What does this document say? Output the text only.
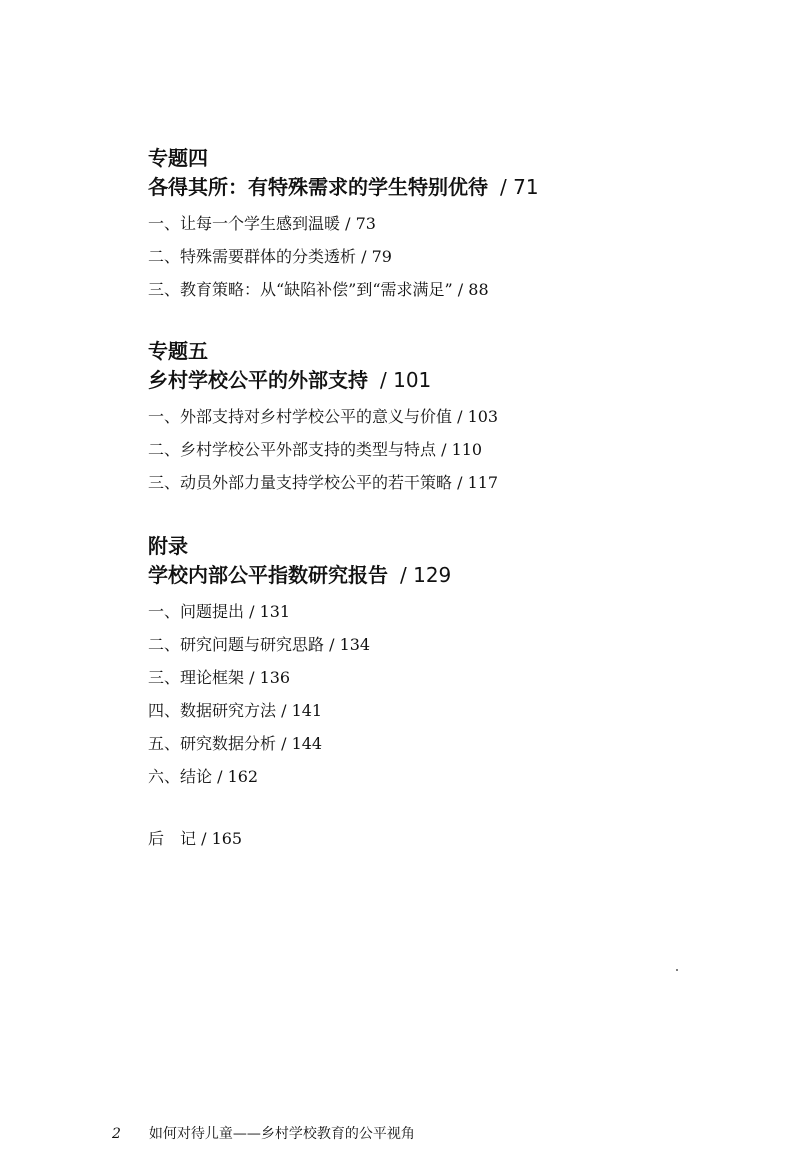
专题四
各得其所：有特殊需求的学生特别优待 / 71
一、让每一个学生感到温暖 / 73
二、特殊需要群体的分类透析 / 79
三、教育策略：从“缺陷补偿”到“需求满足” / 88
专题五
乡村学校公平的外部支持 / 101
一、外部支持对乡村学校公平的意义与价值 / 103
二、乡村学校公平外部支持的类型与特点 / 110
三、动员外部力量支持学校公平的若干策略 / 117
附录
学校内部公平指数研究报告 / 129
一、问题提出 / 131
二、研究问题与研究思路 / 134
三、理论框架 / 136
四、数据研究方法 / 141
五、研究数据分析 / 144
六、结论 / 162
后　记 / 165
2 如何对待儿童——乡村学校教育的公平视角
